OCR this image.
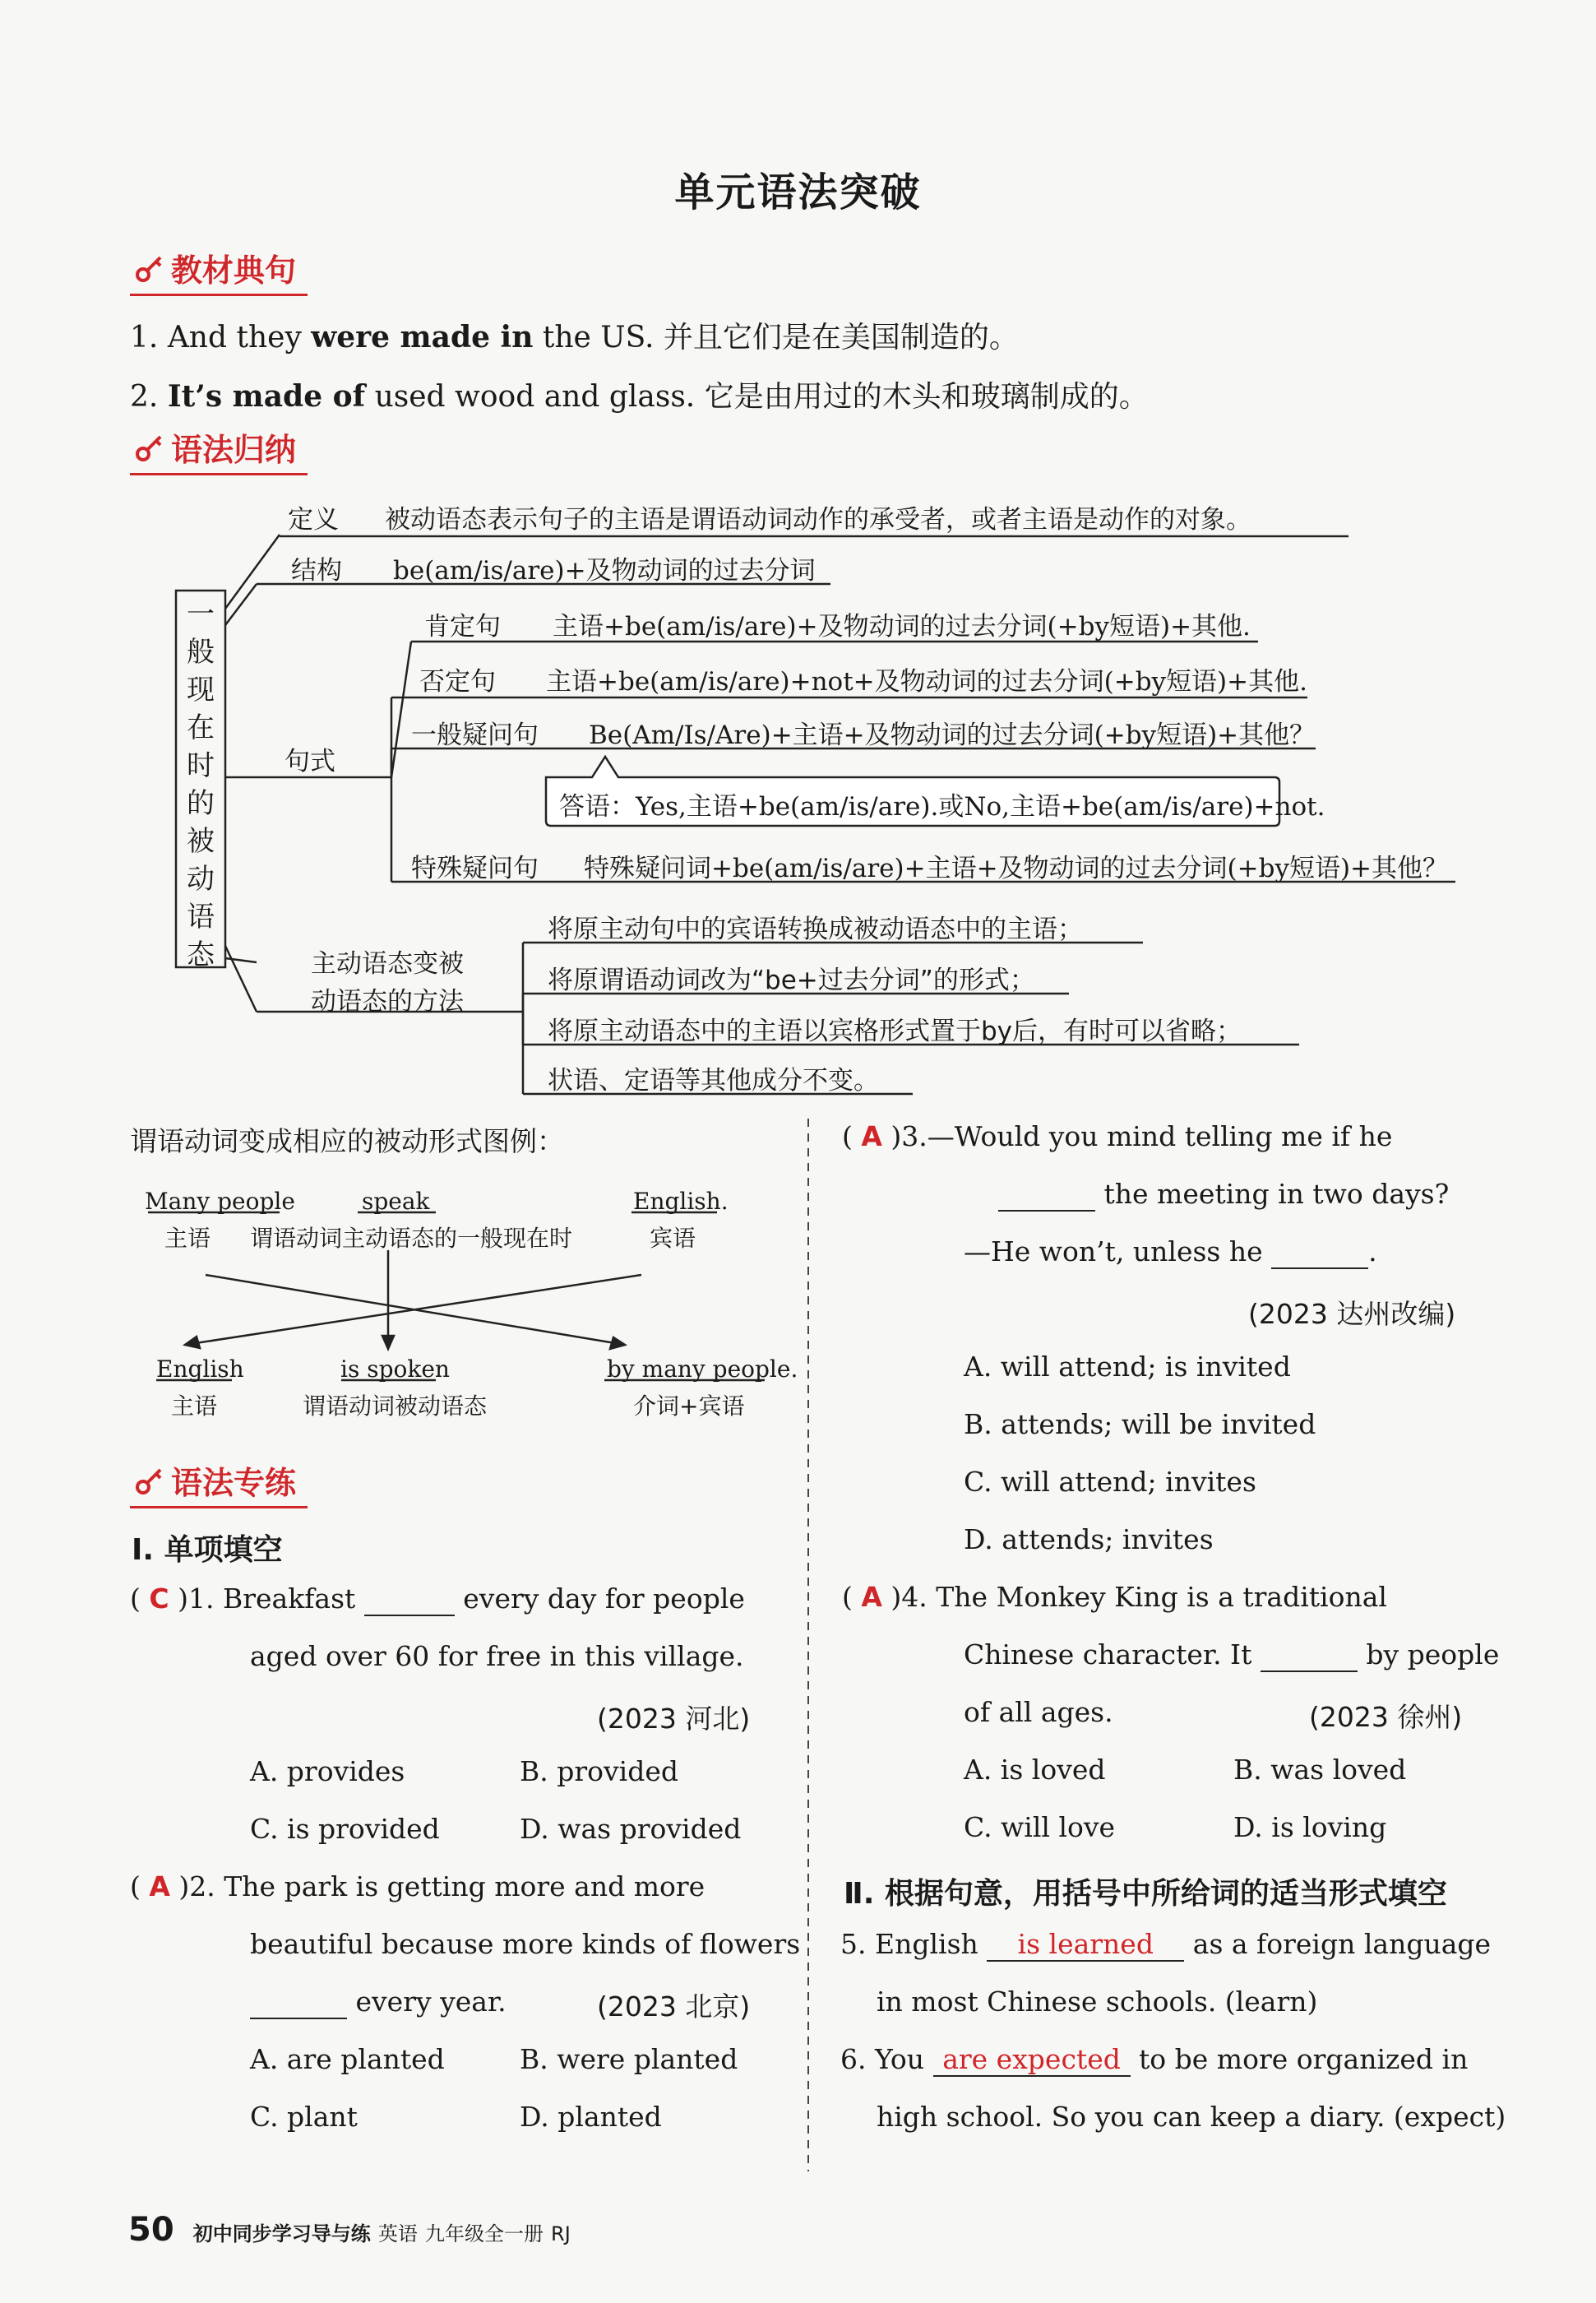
单元语法突破
教材典句
1. And they were made in the US. 并且它们是在美国制造的。
2. It’s made of used wood and glass. 它是由用过的木头和玻璃制成的。
语法归纳
一
般
现
在
时
的
被
动
语
态
定义 被动语态表示句子的主语是谓语动词动作的承受者，或者主语是动作的对象。
结构 be(am/is/are)+及物动词的过去分词
句式
肯定句 主语+be(am/is/are)+及物动词的过去分词(+by短语)+其他.
否定句 主语+be(am/is/are)+not+及物动词的过去分词(+by短语)+其他.
一般疑问句 Be(Am/Is/Are)+主语+及物动词的过去分词(+by短语)+其他？
答语：Yes,主语+be(am/is/are).或No,主语+be(am/is/are)+not.
特殊疑问句 特殊疑问词+be(am/is/are)+主语+及物动词的过去分词(+by短语)+其他？
主动语态变被
动语态的方法
将原主动句中的宾语转换成被动语态中的主语；
将原谓语动词改为“be+过去分词”的形式；
将原主动语态中的主语以宾格形式置于by后，有时可以省略；
状语、定语等其他成分不变。
谓语动词变成相应的被动形式图例：
Many people
主语
speak
谓语动词主动语态的一般现在时
English.
宾语
English
主语
is spoken
谓语动词被动语态
by many people.
介词+宾语
语法专练
Ⅰ. 单项填空
( C )1. Breakfast	every day for people
aged over 60 for free in this village.
(2023 河北)
A. provides	B. provided
C. is provided	D. was provided
( A )2. The park is getting more and more
beautiful because more kinds of flowers
every year.	(2023 北京)
A. are planted	B. were planted
C. plant	D. planted
( A )3.—Would you mind telling me if he
the meeting in two days?
—He won’t, unless he	.
(2023 达州改编)
A. will attend; is invited
B. attends; will be invited
C. will attend; invites
D. attends; invites
( A )4. The Monkey King is a traditional
Chinese character. It	by people
of all ages.	(2023 徐州)
A. is loved	B. was loved
C. will love	D. is loving
Ⅱ. 根据句意，用括号中所给词的适当形式填空
5. English is learned as a foreign language
in most Chinese schools. (learn)
6. You are expected to be more organized in
high school. So you can keep a diary. (expect)
50 初中同步学习导与练 英语 九年级全一册 RJ
